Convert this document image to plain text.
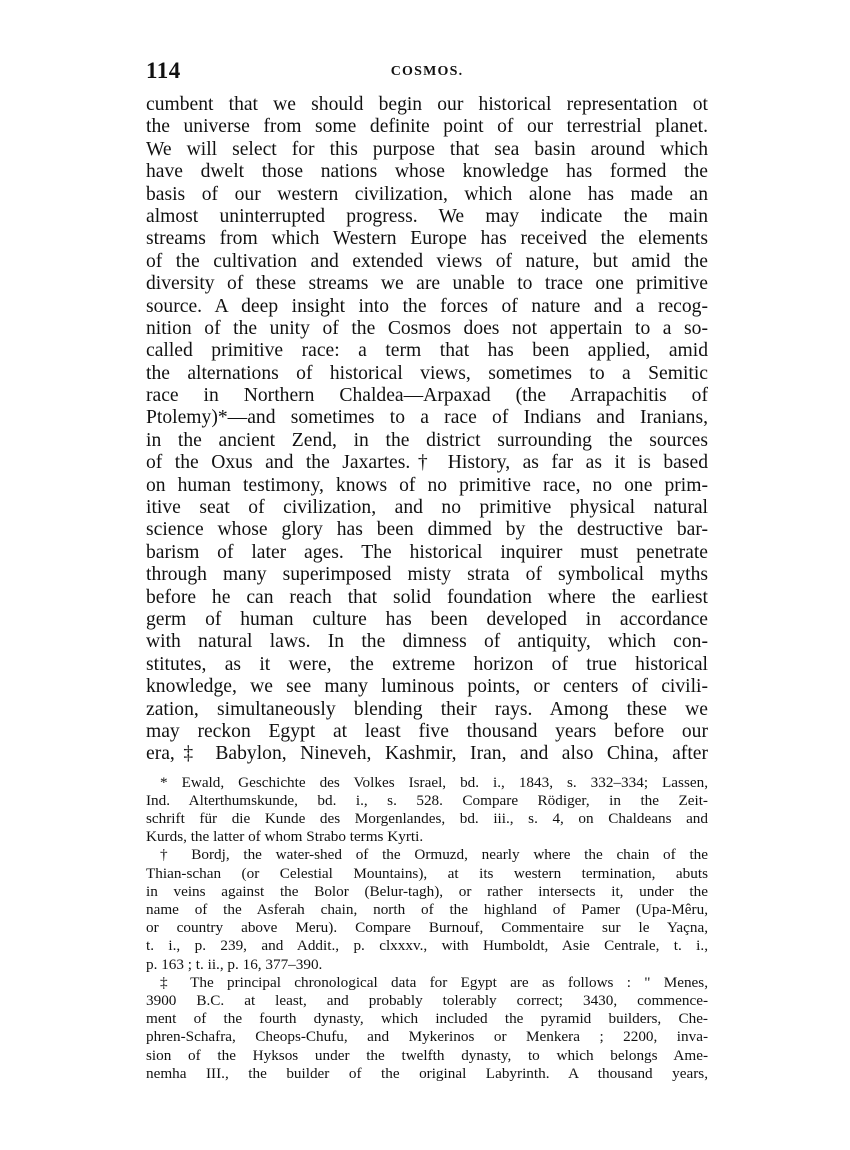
114	COSMOS.
cumbent that we should begin our historical representation ot
the universe from some definite point of our terrestrial planet.
We will select for this purpose that sea basin around which
have dwelt those nations whose knowledge has formed the
basis of our western civilization, which alone has made an
almost uninterrupted progress. We may indicate the main
streams from which Western Europe has received the elements
of the cultivation and extended views of nature, but amid the
diversity of these streams we are unable to trace one primitive
source. A deep insight into the forces of nature and a recog-
nition of the unity of the Cosmos does not appertain to a so-
called primitive race: a term that has been applied, amid
the alternations of historical views, sometimes to a Semitic
race in Northern Chaldea—Arpaxad (the Arrapachitis of
Ptolemy)*—and sometimes to a race of Indians and Iranians,
in the ancient Zend, in the district surrounding the sources
of the Oxus and the Jaxartes.† History, as far as it is based
on human testimony, knows of no primitive race, no one prim-
itive seat of civilization, and no primitive physical natural
science whose glory has been dimmed by the destructive bar-
barism of later ages. The historical inquirer must penetrate
through many superimposed misty strata of symbolical myths
before he can reach that solid foundation where the earliest
germ of human culture has been developed in accordance
with natural laws. In the dimness of antiquity, which con-
stitutes, as it were, the extreme horizon of true historical
knowledge, we see many luminous points, or centers of civili-
zation, simultaneously blending their rays. Among these we
may reckon Egypt at least five thousand years before our
era,‡ Babylon, Nineveh, Kashmir, Iran, and also China, after
* Ewald, Geschichte des Volkes Israel, bd. i., 1843, s. 332–334; Lassen,
Ind. Alterthumskunde, bd. i., s. 528. Compare Rödiger, in the Zeit-
schrift für die Kunde des Morgenlandes, bd. iii., s. 4, on Chaldeans and
Kurds, the latter of whom Strabo terms Kyrti.
† Bordj, the water-shed of the Ormuzd, nearly where the chain of the
Thian-schan (or Celestial Mountains), at its western termination, abuts
in veins against the Bolor (Belur-tagh), or rather intersects it, under the
name of the Asferah chain, north of the highland of Pamer (Upa-Mêru,
or country above Meru). Compare Burnouf, Commentaire sur le Yaçna,
t. i., p. 239, and Addit., p. clxxxv., with Humboldt, Asie Centrale, t. i.,
p. 163 ; t. ii., p. 16, 377–390.
‡ The principal chronological data for Egypt are as follows : " Menes,
3900 B.C. at least, and probably tolerably correct; 3430, commence-
ment of the fourth dynasty, which included the pyramid builders, Che-
phren-Schafra, Cheops-Chufu, and Mykerinos or Menkera ; 2200, inva-
sion of the Hyksos under the twelfth dynasty, to which belongs Ame-
nemha III., the builder of the original Labyrinth. A thousand years,
